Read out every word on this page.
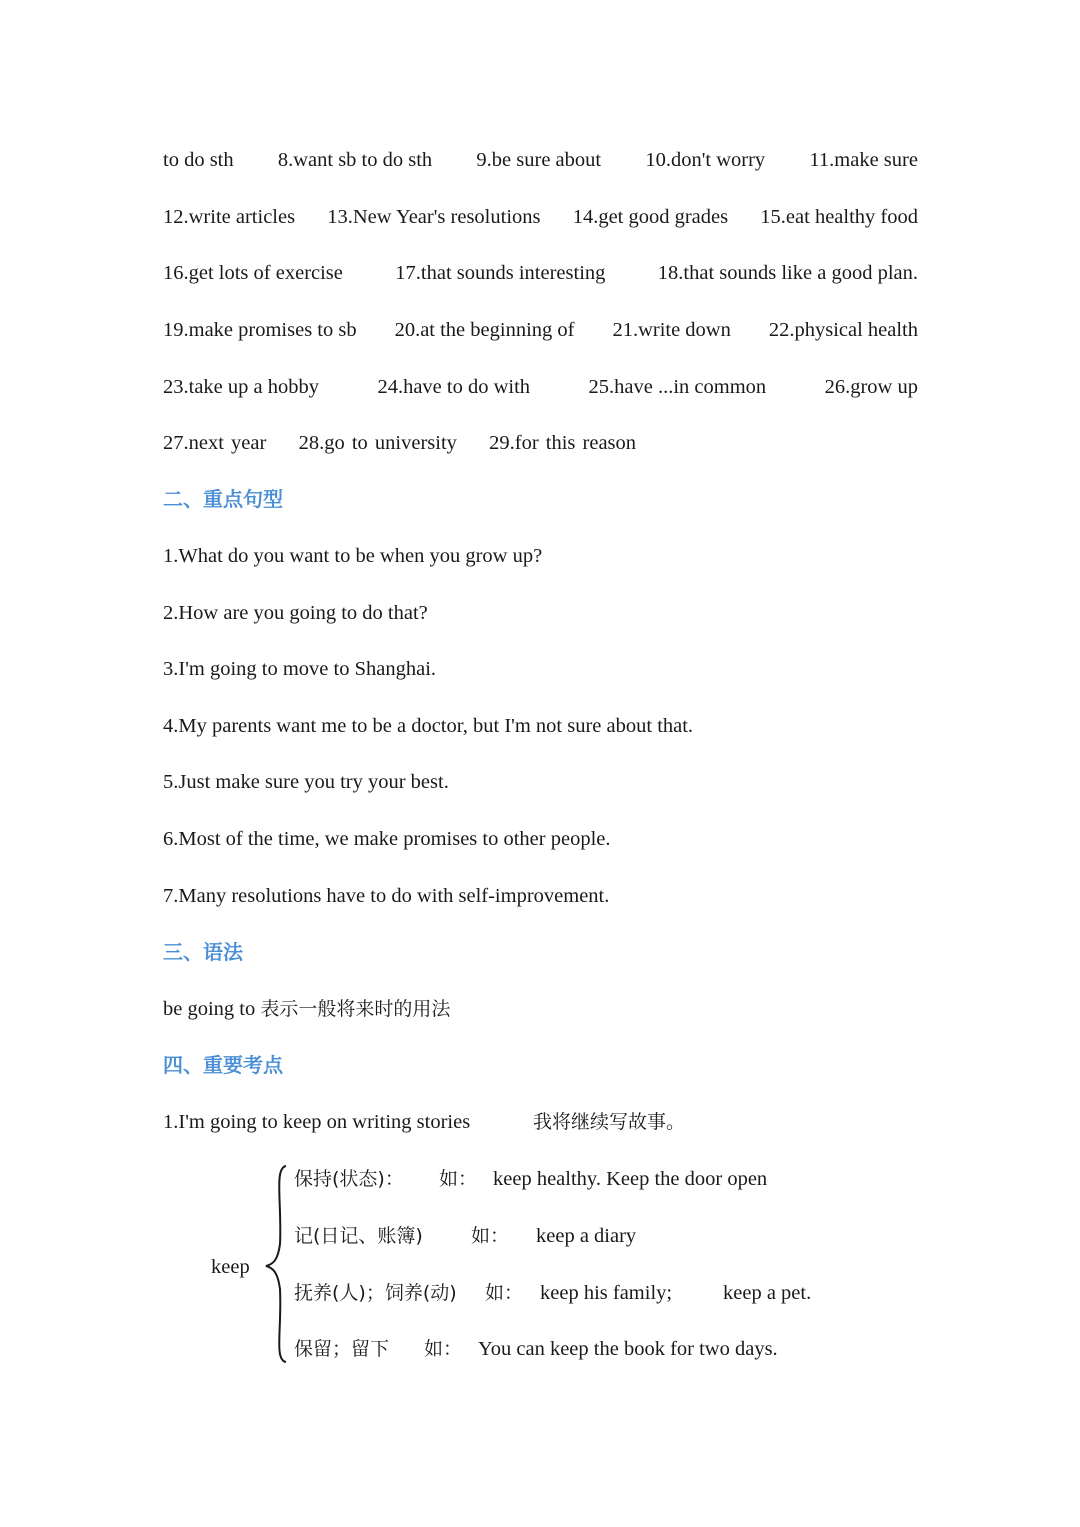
to do sth 8.want sb to do sth 9.be sure about 10.don't worry 11.make sure
12.write articles 13.New Year's resolutions 14.get good grades 15.eat healthy food
16.get lots of exercise	17.that sounds interesting	18.that sounds like a good plan.
19.make promises to sb 20.at the beginning of 21.write down 22.physical health
23.take up a hobby	24.have to do with	25.have ...in common	26.grow up
27.next year 28.go to university 29.for this reason
二、重点句型
1.What do you want to be when you grow up?
2.How are you going to do that?
3.I'm going to move to Shanghai.
4.My parents want me to be a doctor, but I'm not sure about that.
5.Just make sure you try your best.
6.Most of the time, we make promises to other people.
7.Many resolutions have to do with self-improvement.
三、语法
be going to 表示一般将来时的用法
四、重要考点
1.I'm going to keep on writing stories	我将继续写故事。
keep
保持(状态)： 如： keep healthy. Keep the door open
记(日记、账簿)	如： keep a diary
抚养(人)；饲养(动) 如： keep his family; keep a pet.
保留；留下 如： You can keep the book for two days.
